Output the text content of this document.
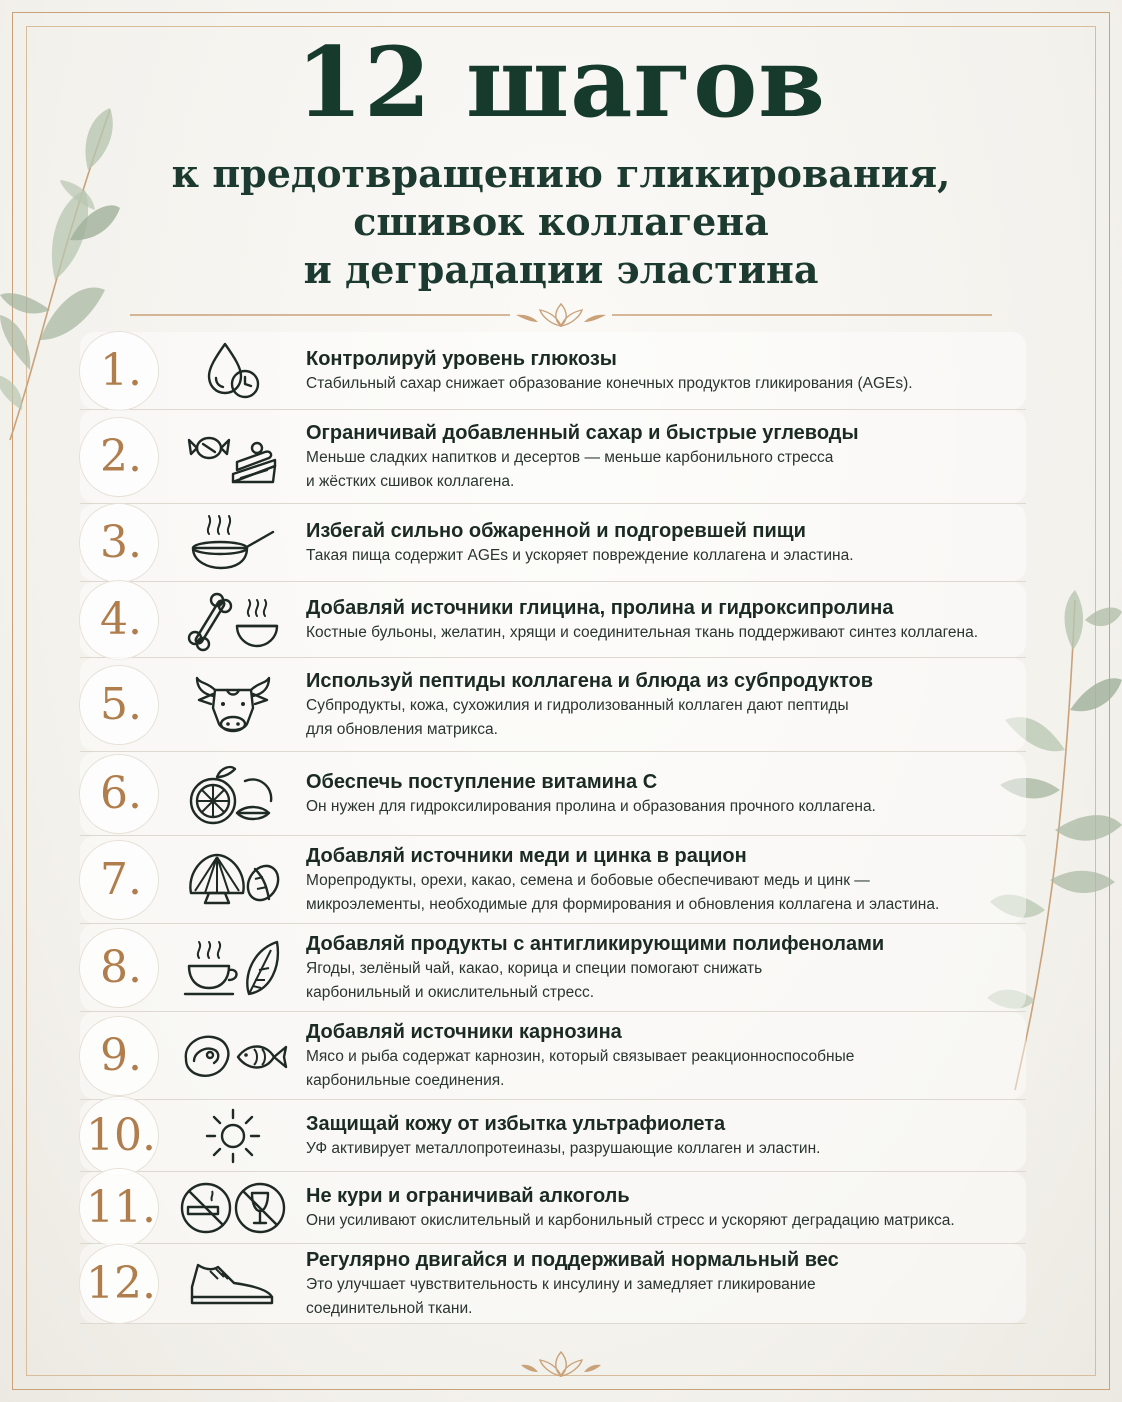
12 шагов
к предотвращению гликирования,
сшивок коллагена
и деградации эластина
1.	Контролируй уровень глюкозы
Стабильный сахар снижает образование конечных продуктов гликирования (AGEs).
2.	Ограничивай добавленный сахар и быстрые углеводы
Меньше сладких напитков и десертов — меньше карбонильного стресса
и жёстких сшивок коллагена.
3.	Избегай сильно обжаренной и подгоревшей пищи
Такая пища содержит AGEs и ускоряет повреждение коллагена и эластина.
4.	Добавляй источники глицина, пролина и гидроксипролина
Костные бульоны, желатин, хрящи и соединительная ткань поддерживают синтез коллагена.
5.	Используй пептиды коллагена и блюда из субпродуктов
Субпродукты, кожа, сухожилия и гидролизованный коллаген дают пептиды
для обновления матрикса.
6.	Обеспечь поступление витамина C
Он нужен для гидроксилирования пролина и образования прочного коллагена.
7.	Добавляй источники меди и цинка в рацион
Морепродукты, орехи, какао, семена и бобовые обеспечивают медь и цинк —
микроэлементы, необходимые для формирования и обновления коллагена и эластина.
8.	Добавляй продукты с антигликирующими полифенолами
Ягоды, зелёный чай, какао, корица и специи помогают снижать
карбонильный и окислительный стресс.
9.	Добавляй источники карнозина
Мясо и рыба содержат карнозин, который связывает реакционноспособные
карбонильные соединения.
10.	Защищай кожу от избытка ультрафиолета
УФ активирует металлопротеиназы, разрушающие коллаген и эластин.
11.	Не кури и ограничивай алкоголь
Они усиливают окислительный и карбонильный стресс и ускоряют деградацию матрикса.
12.	Регулярно двигайся и поддерживай нормальный вес
Это улучшает чувствительность к инсулину и замедляет гликирование
соединительной ткани.
